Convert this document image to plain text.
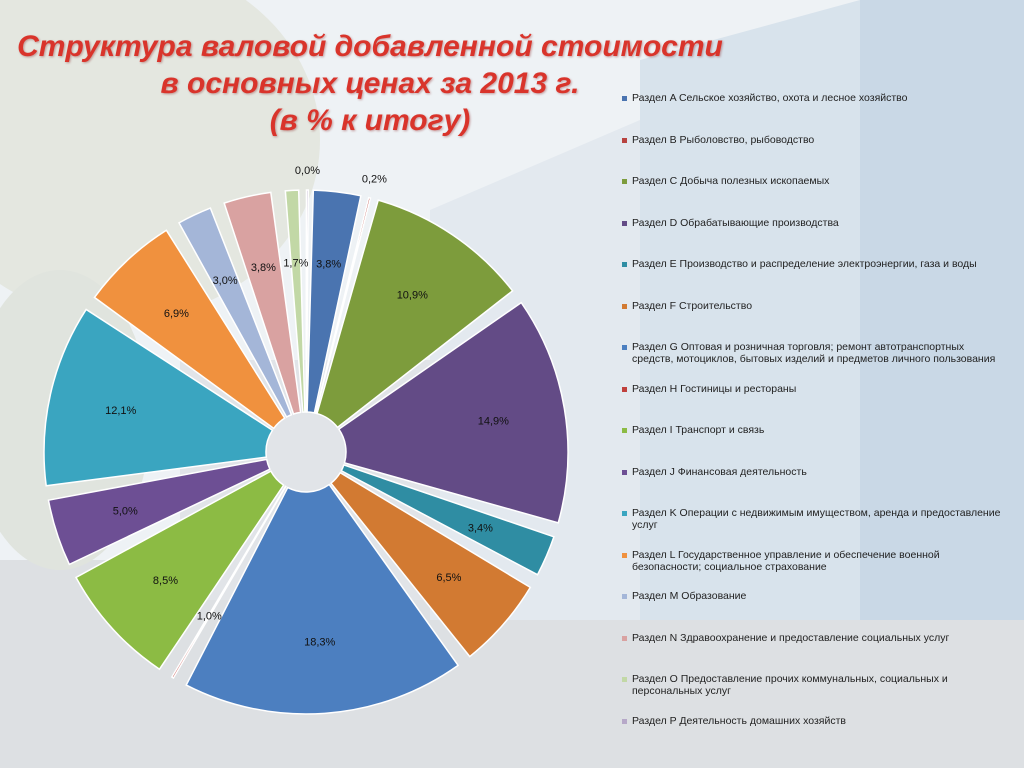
Структура валовой добавленной стоимости
в основных ценах за 2013 г.
(в % к итогу)
3,8%
0,2%
10,9%
14,9%
3,4%
6,5%
18,3%
1,0%
8,5%
5,0%
12,1%
6,9%
3,0%
3,8% 1,7%
0,0%
Раздел A Сельское хозяйство, охота и лесное хозяйство
Раздел B Рыболовство, рыбоводство
Раздел C Добыча полезных ископаемых
Раздел D Обрабатывающие производства
Раздел E Производство и распределение электроэнергии, газа и воды
Раздел F Строительство
Раздел G Оптовая и розничная торговля; ремонт автотранспортных средств, мотоциклов, бытовых изделий и предметов личного пользования
Раздел H Гостиницы и рестораны
Раздел I Транспорт и связь
Раздел J Финансовая деятельность
Раздел K Операции с недвижимым имуществом, аренда и предоставление услуг
Раздел L Государственное управление и обеспечение военной безопасности; социальное страхование
Раздел M Образование
Раздел N Здравоохранение и предоставление социальных услуг
Раздел O Предоставление прочих коммунальных, социальных и персональных услуг
Раздел P Деятельность домашних хозяйств
